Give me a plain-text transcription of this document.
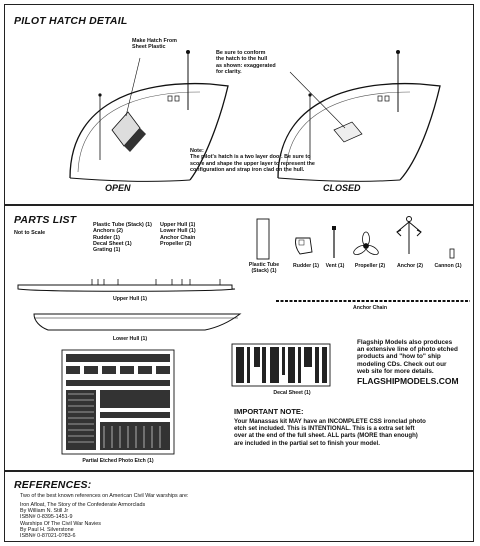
PILOT HATCH DETAIL
Make Hatch From
Sheet Plastic
Be sure to conform
the hatch to the hull
as shown: exaggerated
for clarity.
Note:
The pilot's hatch is a two layer door. Be sure to
score and shape the upper layer to represent the
configuration and strap iron clad on the hull.
OPEN	CLOSED
PARTS LIST
Not to Scale
Plastic Tube (Stack) (1)
Anchors (2)
Rudder (1)
Decal Sheet (1)
Grating (1)
Upper Hull (1)
Lower Hull (1)
Anchor Chain
Propeller (2)
Plastic Tube
(Stack) (1)
Rudder (1)	Vent (1)	Propeller (2)	Anchor (2)	Cannon (1)
Upper Hull (1)
Lower Hull (1)
Anchor Chain
Decal Sheet (1)
Partial Etched Photo Etch (1)
Flagship Models also produces
an extensive line of photo etched
products and "how to" ship
modeling CDs. Check out our
web site for more details.
FLAGSHIPMODELS.COM
IMPORTANT NOTE:
Your Manassas kit MAY have an INCOMPLETE CSS ironclad photo
etch set included. This is INTENTIONAL. This is a extra set left
over at the end of the full sheet. ALL parts (MORE than enough)
are included in the partial set to finish your model.
REFERENCES:
Two of the best known references on American Civil War warships are:
Iron Afloat, The Story of the Confederate Armorclads
By William N. Still Jr
ISBN# 0-8395-1451-9
Warships Of The Civil War Navies
By Paul H. Silverstone
ISBN# 0-87021-0?83-6
